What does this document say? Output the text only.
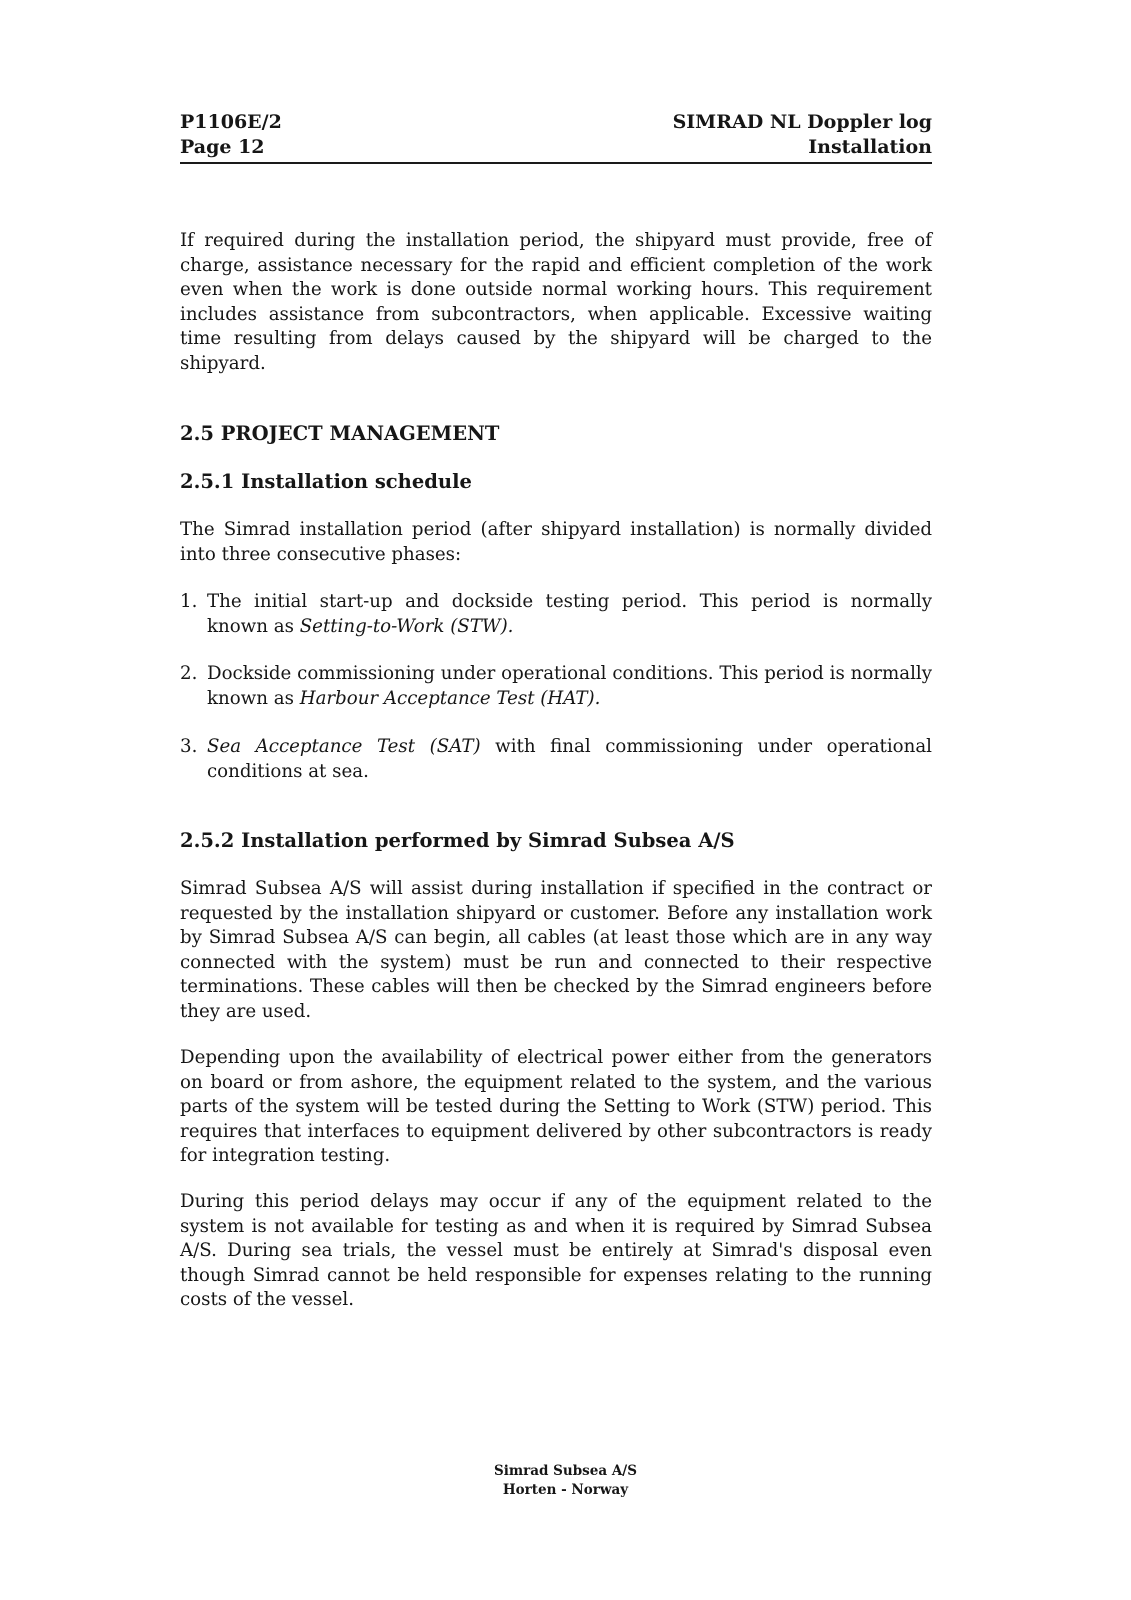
P1106E/2
Page 12
SIMRAD NL Doppler log
Installation

If required during the installation period, the shipyard must provide, free of charge, assistance necessary for the rapid and efficient completion of the work even when the work is done outside normal working hours. This requirement includes assistance from subcontractors, when applicable. Excessive waiting time resulting from delays caused by the shipyard will be charged to the shipyard.

2.5 PROJECT MANAGEMENT
2.5.1 Installation schedule

The Simrad installation period (after shipyard installation) is normally divided into three consecutive phases:

1. The initial start-up and dockside testing period. This period is normally known as Setting-to-Work (STW).
2. Dockside commissioning under operational conditions. This period is normally known as Harbour Acceptance Test (HAT).
3. Sea Acceptance Test (SAT) with final commissioning under operational conditions at sea.
2.5.2 Installation performed by Simrad Subsea A/S

Simrad Subsea A/S will assist during installation if specified in the contract or requested by the installation shipyard or customer. Before any installation work by Simrad Subsea A/S can begin, all cables (at least those which are in any way connected with the system) must be run and connected to their respective terminations. These cables will then be checked by the Simrad engineers before they are used.

Depending upon the availability of electrical power either from the generators on board or from ashore, the equipment related to the system, and the various parts of the system will be tested during the Setting to Work (STW) period. This requires that interfaces to equipment delivered by other subcontractors is ready for integration testing.

During this period delays may occur if any of the equipment related to the system is not available for testing as and when it is required by Simrad Subsea A/S. During sea trials, the vessel must be entirely at Simrad's disposal even though Simrad cannot be held responsible for expenses relating to the running costs of the vessel.

Simrad Subsea A/S
Horten - Norway
